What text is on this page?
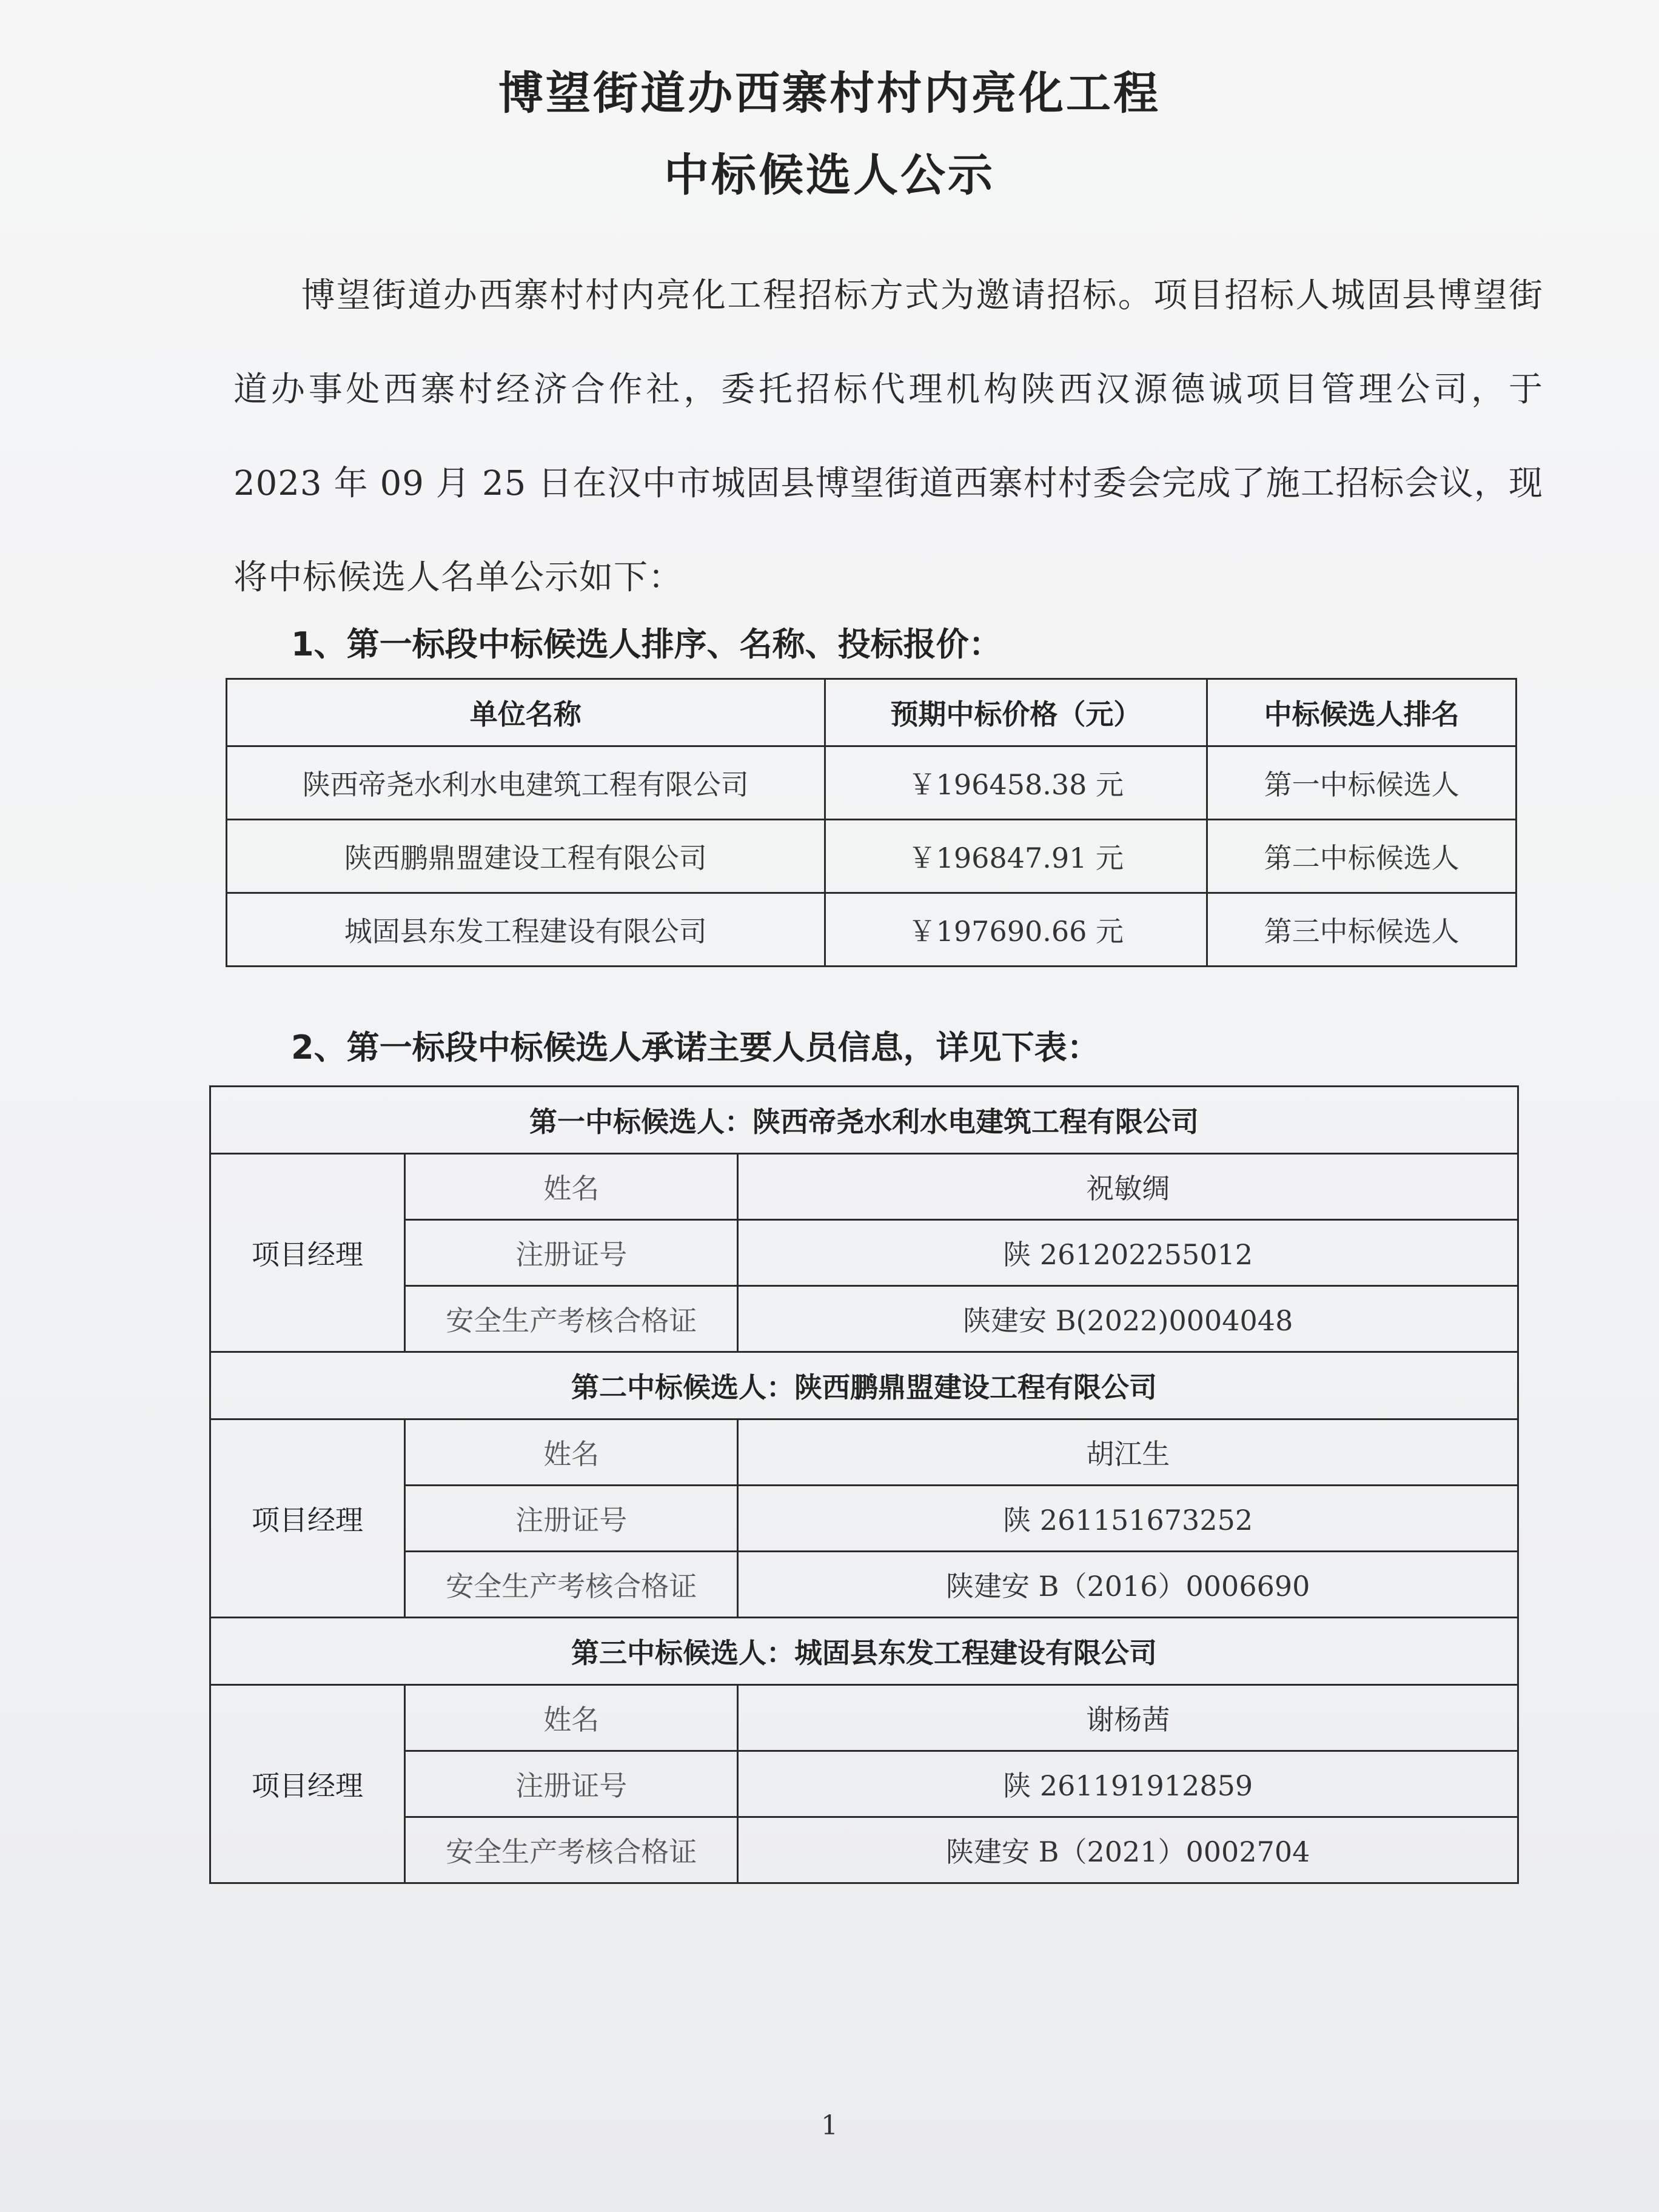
博望街道办西寨村村内亮化工程
中标候选人公示
博望街道办西寨村村内亮化工程招标方式为邀请招标。项目招标人城固县博望街道办事处西寨村经济合作社，委托招标代理机构陕西汉源德诚项目管理公司，于 2023 年 09 月 25 日在汉中市城固县博望街道西寨村村委会完成了施工招标会议，现将中标候选人名单公示如下：
1、第一标段中标候选人排序、名称、投标报价：
单位名称	预期中标价格（元）	中标候选人排名
陕西帝尧水利水电建筑工程有限公司	￥196458.38 元	第一中标候选人
陕西鹏鼎盟建设工程有限公司	￥196847.91 元	第二中标候选人
城固县东发工程建设有限公司	￥197690.66 元	第三中标候选人
2、第一标段中标候选人承诺主要人员信息，详见下表：
第一中标候选人：陕西帝尧水利水电建筑工程有限公司		
项目经理	姓名	祝敏绸
	注册证号	陕 261202255012
	安全生产考核合格证	陕建安 B(2022)0004048
第二中标候选人：陕西鹏鼎盟建设工程有限公司		
项目经理	姓名	胡江生
	注册证号	陕 261151673252
	安全生产考核合格证	陕建安 B（2016）0006690
第三中标候选人：城固县东发工程建设有限公司		
项目经理	姓名	谢杨茜
	注册证号	陕 261191912859
	安全生产考核合格证	陕建安 B（2021）0002704
1
